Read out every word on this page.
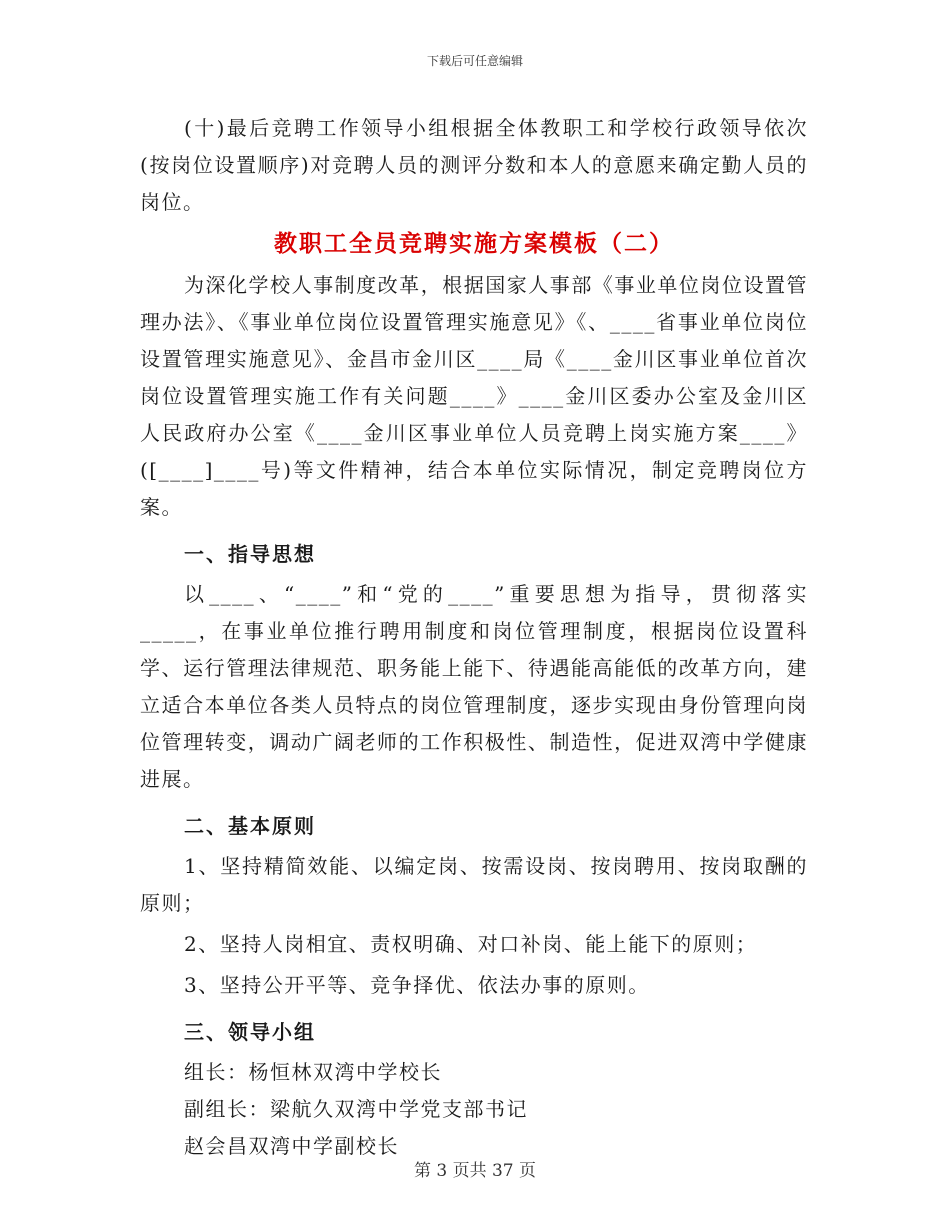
下载后可任意编辑

(十)最后竞聘工作领导小组根据全体教职工和学校行政领导依次(按岗位设置顺序)对竞聘人员的测评分数和本人的意愿来确定勤人员的岗位。

教职工全员竞聘实施方案模板（二）

为深化学校人事制度改革，根据国家人事部《事业单位岗位设置管理办法》、《事业单位岗位设置管理实施意见》《、____省事业单位岗位设置管理实施意见》、金昌市金川区____局《____金川区事业单位首次岗位设置管理实施工作有关问题____》____金川区委办公室及金川区人民政府办公室《____金川区事业单位人员竞聘上岗实施方案____》([____]____号)等文件精神，结合本单位实际情况，制定竞聘岗位方案。

一、指导思想

以____、“____”和“党的____”重要思想为指导，贯彻落实_____，在事业单位推行聘用制度和岗位管理制度，根据岗位设置科学、运行管理法律规范、职务能上能下、待遇能高能低的改革方向，建立适合本单位各类人员特点的岗位管理制度，逐步实现由身份管理向岗位管理转变，调动广阔老师的工作积极性、制造性，促进双湾中学健康进展。

二、基本原则

1、坚持精简效能、以编定岗、按需设岗、按岗聘用、按岗取酬的原则；

2、坚持人岗相宜、责权明确、对口补岗、能上能下的原则；

3、坚持公开平等、竞争择优、依法办事的原则。

三、领导小组

组长：杨恒林双湾中学校长

副组长：梁航久双湾中学党支部书记

赵会昌双湾中学副校长

第 3 页共 37 页
